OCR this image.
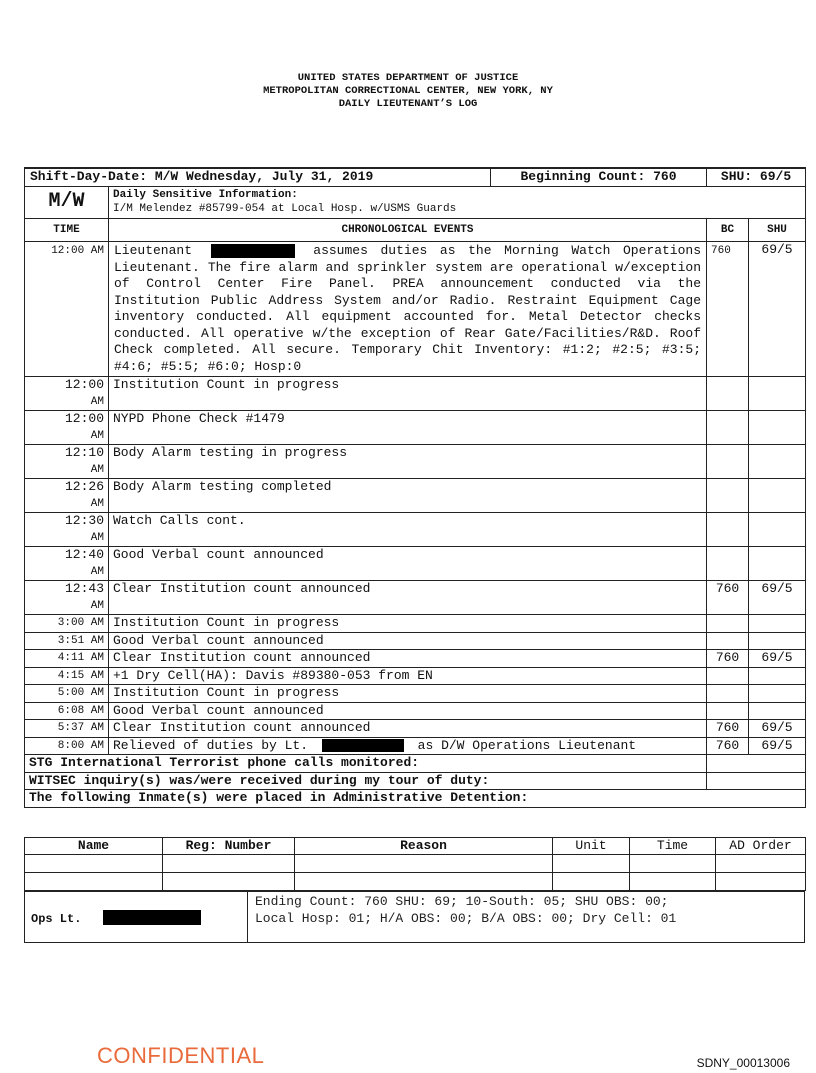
UNITED STATES DEPARTMENT OF JUSTICE
METROPOLITAN CORRECTIONAL CENTER, NEW YORK, NY
DAILY LIEUTENANT’S LOG
Shift-Day-Date: M/W Wednesday, July 31, 2019		Beginning Count: 760	SHU: 69/5	
M/W	Daily Sensitive Information:
I/M Melendez #85799-054 at Local Hosp. w/USMS Guards			

TIME	CHRONOLOGICAL EVENTS		BC	SHU
12:00 AM	Lieutenant assumes duties as the Morning Watch Operations Lieutenant. The fire alarm and sprinkler system are operational w/exception of Control Center Fire Panel. PREA announcement conducted via the Institution Public Address System and/or Radio. Restraint Equipment Cage inventory conducted. All equipment accounted for. Metal Detector checks conducted. All operative w/the exception of Rear Gate/Facilities/R&D. Roof Check completed. All secure. Temporary Chit Inventory: #1:2; #2:5; #3:5; #4:6; #5:5; #6:0; Hosp:0		760	69/5

12:00
AM	Institution Count in progress			

12:00
AM	NYPD Phone Check #1479			

12:10
AM	Body Alarm testing in progress			

12:26
AM	Body Alarm testing completed			

12:30
AM	Watch Calls cont.			

12:40
AM	Good Verbal count announced			

12:43
AM	Clear Institution count announced		760	69/5
3:00 AM	Institution Count in progress			
3:51 AM	Good Verbal count announced			
4:11 AM	Clear Institution count announced		760	69/5
4:15 AM	+1 Dry Cell(HA): Davis #89380-053 from EN			
5:00 AM	Institution Count in progress			
6:08 AM	Good Verbal count announced			
5:37 AM	Clear Institution count announced		760	69/5
8:00 AM	Relieved of duties by Lt. as D/W Operations Lieutenant		760	69/5
STG International Terrorist phone calls monitored:				
WITSEC inquiry(s) was/were received during my tour of duty:				
The following Inmate(s) were placed in Administrative Detention:				
Name	Reg: Number	Reason	Unit	Time	AD Order

Ops Lt.
Ending Count: 760 SHU: 69; 10-South: 05; SHU OBS: 00;
Local Hosp: 01; H/A OBS: 00; B/A OBS: 00; Dry Cell: 01
CONFIDENTIAL	SDNY_00013006
